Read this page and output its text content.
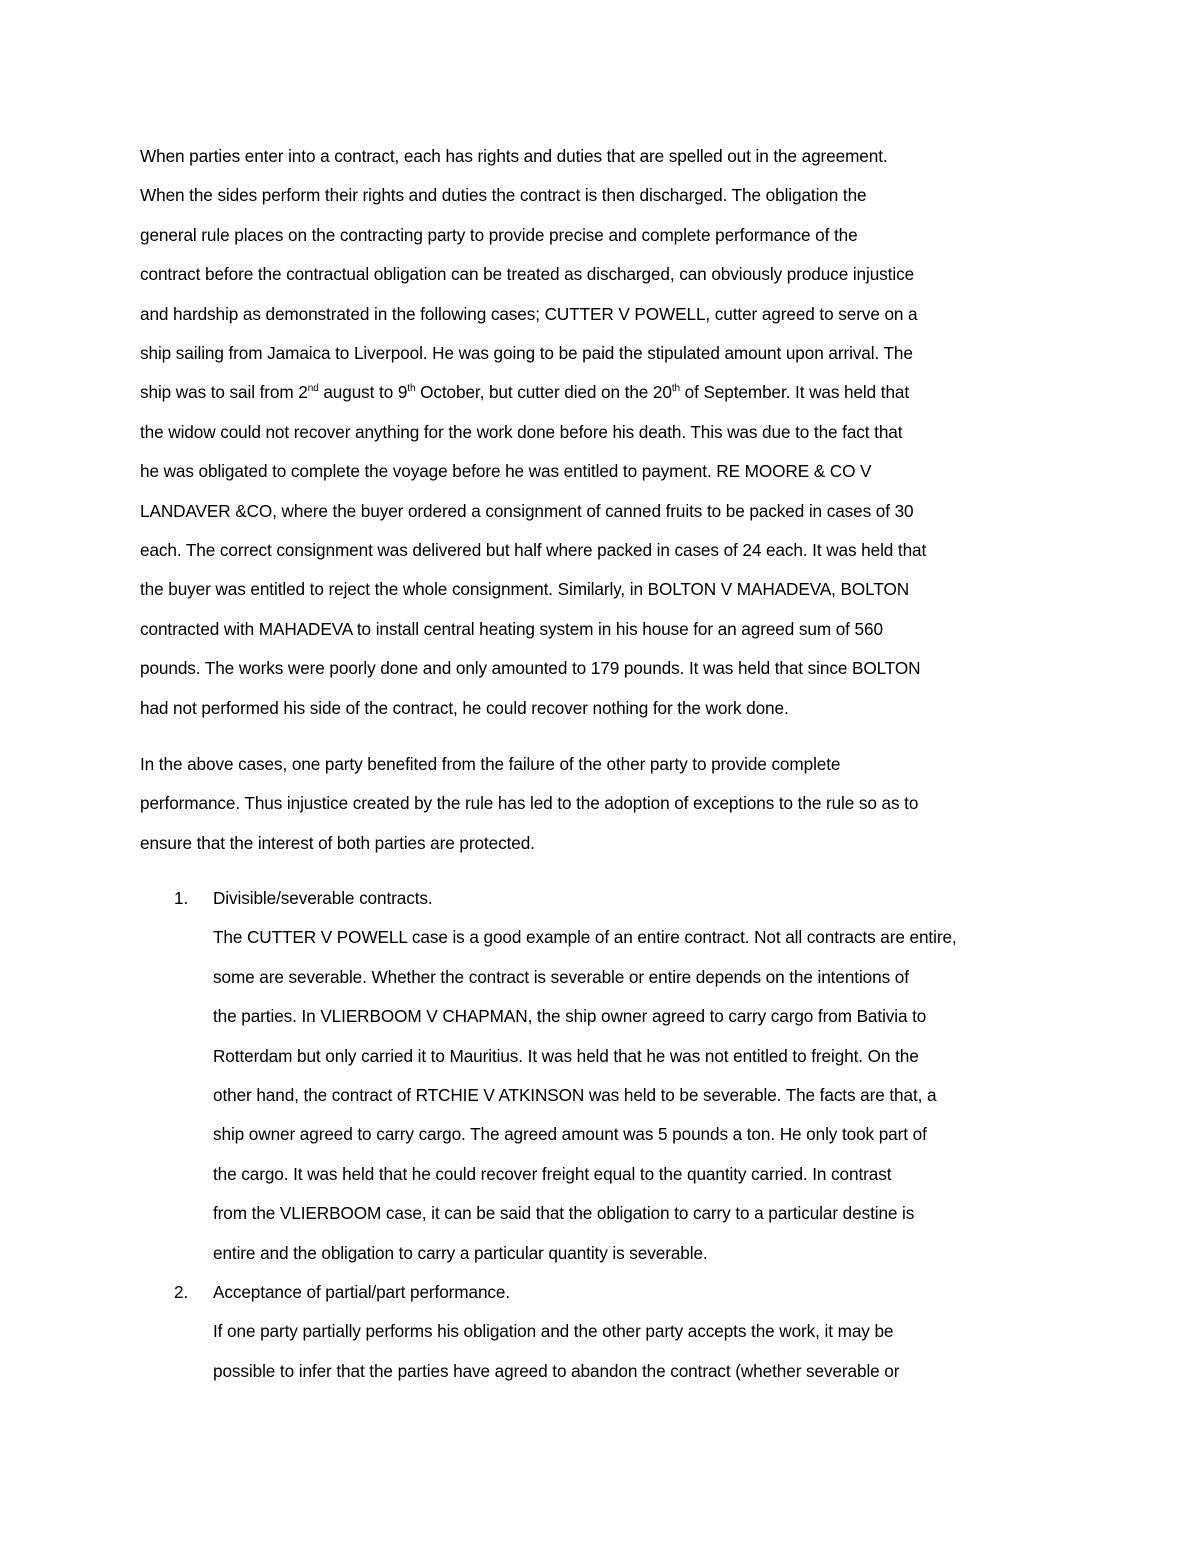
When parties enter into a contract, each has rights and duties that are spelled out in the agreement.
When the sides perform their rights and duties the contract is then discharged. The obligation the
general rule places on the contracting party to provide precise and complete performance of the
contract before the contractual obligation can be treated as discharged, can obviously produce injustice
and hardship as demonstrated in the following cases; CUTTER V POWELL, cutter agreed to serve on a
ship sailing from Jamaica to Liverpool. He was going to be paid the stipulated amount upon arrival. The
ship was to sail from 2nd august to 9th October, but cutter died on the 20th of September. It was held that
the widow could not recover anything for the work done before his death. This was due to the fact that
he was obligated to complete the voyage before he was entitled to payment. RE MOORE & CO V
LANDAVER &CO, where the buyer ordered a consignment of canned fruits to be packed in cases of 30
each. The correct consignment was delivered but half where packed in cases of 24 each. It was held that
the buyer was entitled to reject the whole consignment. Similarly, in BOLTON V MAHADEVA, BOLTON
contracted with MAHADEVA to install central heating system in his house for an agreed sum of 560
pounds. The works were poorly done and only amounted to 179 pounds. It was held that since BOLTON
had not performed his side of the contract, he could recover nothing for the work done.

In the above cases, one party benefited from the failure of the other party to provide complete
performance. Thus injustice created by the rule has led to the adoption of exceptions to the rule so as to
ensure that the interest of both parties are protected.

1. Divisible/severable contracts.
The CUTTER V POWELL case is a good example of an entire contract. Not all contracts are entire,
some are severable. Whether the contract is severable or entire depends on the intentions of
the parties. In VLIERBOOM V CHAPMAN, the ship owner agreed to carry cargo from Bativia to
Rotterdam but only carried it to Mauritius. It was held that he was not entitled to freight. On the
other hand, the contract of RTCHIE V ATKINSON was held to be severable. The facts are that, a
ship owner agreed to carry cargo. The agreed amount was 5 pounds a ton. He only took part of
the cargo. It was held that he could recover freight equal to the quantity carried. In contrast
from the VLIERBOOM case, it can be said that the obligation to carry to a particular destine is
entire and the obligation to carry a particular quantity is severable.
2. Acceptance of partial/part performance.
If one party partially performs his obligation and the other party accepts the work, it may be
possible to infer that the parties have agreed to abandon the contract (whether severable or
